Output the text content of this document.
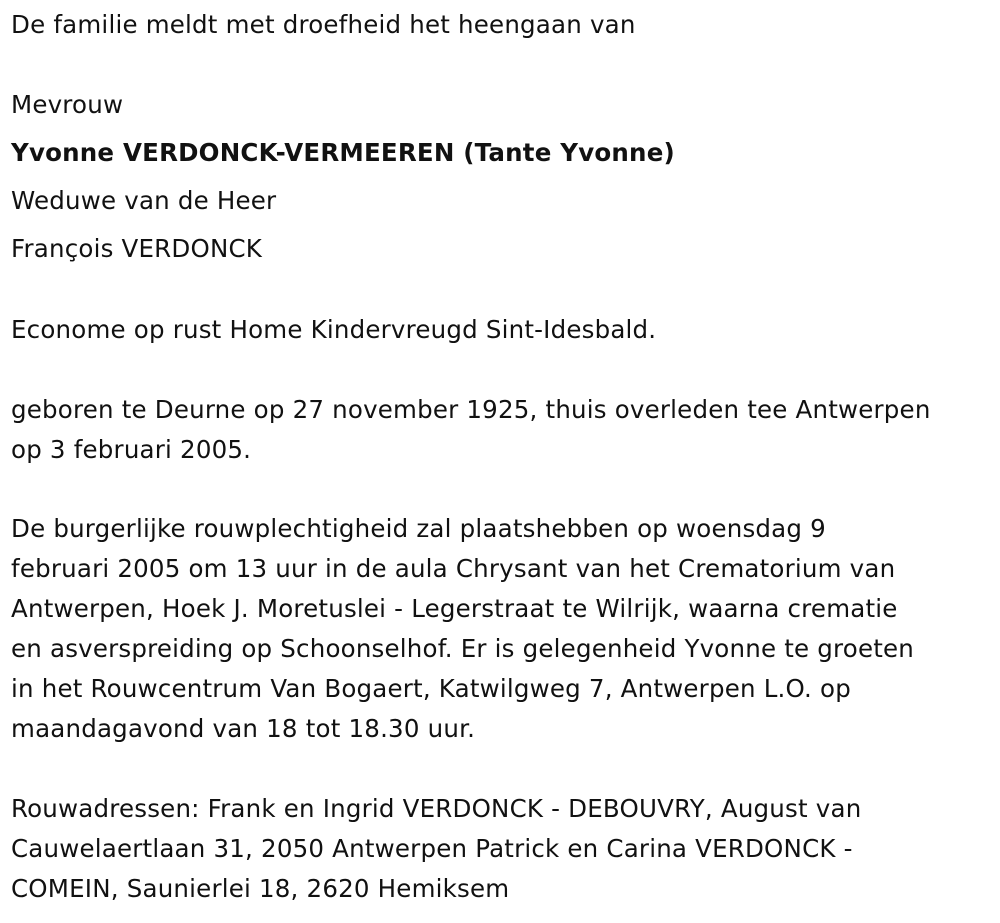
De familie meldt met droefheid het heengaan van
Mevrouw
Yvonne VERDONCK-VERMEEREN (Tante Yvonne)
Weduwe van de Heer
François VERDONCK
Econome op rust Home Kindervreugd Sint-Idesbald.
geboren te Deurne op 27 november 1925, thuis overleden tee Antwerpen
op 3 februari 2005.
De burgerlijke rouwplechtigheid zal plaatshebben op woensdag 9
februari 2005 om 13 uur in de aula Chrysant van het Crematorium van
Antwerpen, Hoek J. Moretuslei - Legerstraat te Wilrijk, waarna crematie
en asverspreiding op Schoonselhof. Er is gelegenheid Yvonne te groeten
in het Rouwcentrum Van Bogaert, Katwilgweg 7, Antwerpen L.O. op
maandagavond van 18 tot 18.30 uur.
Rouwadressen: Frank en Ingrid VERDONCK - DEBOUVRY, August van
Cauwelaertlaan 31, 2050 Antwerpen Patrick en Carina VERDONCK -
COMEIN, Saunierlei 18, 2620 Hemiksem
